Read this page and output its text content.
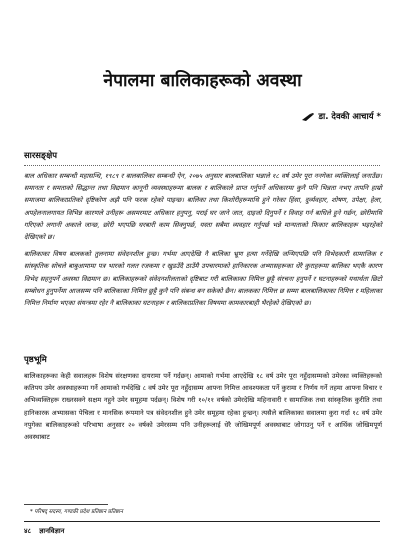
नेपालमा बालिकाहरूको अवस्था
डा. देवकी आचार्य *
सारसङ्क्षेप

बाल अधिकार सम्बन्धी महासन्धि, १९८९ र बालबालिका सम्बन्धी ऐन, २०७५ अनुसार बालबालिका भन्नाले १८ वर्ष उमेर पूरा ननगेका व्यक्तिलाई जनाउँछ। समानता र समताको सिद्धान्त तथा विद्यमान कानूनी व्यवस्थाहरूमा बालक र बालिकाले प्राप्त गर्नुपर्ने अधिकारमा कुनै पनि भिन्नता नभए तापनि हाम्रो समाजमा बालिकाप्रतिको दृष्टिकोण अझै पनि फरक रहेको पाइन्छ। बालिका तथा किशोरीहरूमाथि हुने गरेका हिंसा, दुर्व्यवहार, शोषण, उपेक्षा, हेला, अपहेलनालगायत विभिन्न कारणले उनीहरू असमरमाट अधिकार हनुपनु, पराई घर जाने जात, दाइजो दिनुपर्ने र विवाह गर्न बाधिले हुने गर्छन, छोरीमाथि गरिएको लगानी अकाले जान्छ, छोरी भएपछि घरबारी काम सिक्नुपर्छ, यस्ता सबैमा व्यवहार गर्नुपर्छ भन्ने मान्यताको फिकार बालिकाहरू भइरहेको देखिएको छ।

बालिकाका विषय बालकको तुलनामा संवेदनशील हुन्छ। गर्भमा आएदेखि नै बालिका भ्रूण हत्या गर्नेदेखि जन्मिएपछि पनि विभेदकारी सामाजिक र सांस्कृतिक सोचले बाबुआमामा पत्र भारको गलत रजकमा र खुडउँदै ठाउँमै उपचारमाको हानिकारक अभ्यासहरूका धेरै कुराहरूमा बालिका भएकै कारण विभेद सहनुपर्ने अवस्था विद्यमान छ। बालिकाहरूको संवेदनशीलताको दृष्टिबाट गरी बालिकाका निमित्त छुट्टै संरचना हनुपर्ने र घटनाहरूको यथार्थता छिटो सम्बोधन हुनुपर्नेमा आजसम्म पनि बालिकाका निमित्त छुट्टै कुनै पनि संबन्ध बन सकेको छैन। बालकका निमित्त छ सम्मा बालबालिकाका निमित्त र महिलाका निमित्त निर्माण भएका संयन्त्रमा रहेर नै बालिकाका घटनाहरू र बालिकाप्रतिका विषयमा कामकारबाही भैरहेको देखिएको छ।

पृष्ठभूमि

बालिकाहरूका केही सवालहरू विशेष संरक्षणका दायरामा पर्ने गर्दछन्। आमाको गर्भमा आएदेखि १८ वर्ष उमेर पूरा नहुँदासम्मको उमेरका व्यक्तिहरूको कतिपय उमेर अवस्थाहरूमा गर्ने आमाको गर्भदेखि ८ वर्ष उमेर पूरा नहुँदासम्म आफ्ना निमित्त आवश्यकता पर्ने कुरामा र निर्णय गर्ने तहमा आफ्ना विचार र अभिव्यक्तिहरू राख्नसक्ने सक्षम नहुने उमेर समूहमा पर्दछन्। विशेष गरी १०/११ वर्षको उमेरदेखि महिनावारी र सामाजिक तथा सांस्कृतिक कुरीति तथा हानिकारक अभ्यासका पेचिला र मानसिक रूपमाने पत्र संवेदनशील हुने उमेर समूहमा रहेका हुन्छन्। त्यसैले बालिकाका सवालमा कुरा गर्दा १८ वर्ष उमेर नपुगेका बालिकाहरूको परिभाषा अनुसार २० वर्षको उमेरसम्म पनि उनीहरूलाई धेरै जोखिमपूर्ण अवस्थाबाट जोगाउनु पर्ने र आर्थिक जोखिमपूर्ण अवस्थाबाट

* परिषद् सदस्य, गण्डकी प्रदेश प्रतिष्ठान प्रतिष्ठान
४८ ज्ञानविज्ञान
